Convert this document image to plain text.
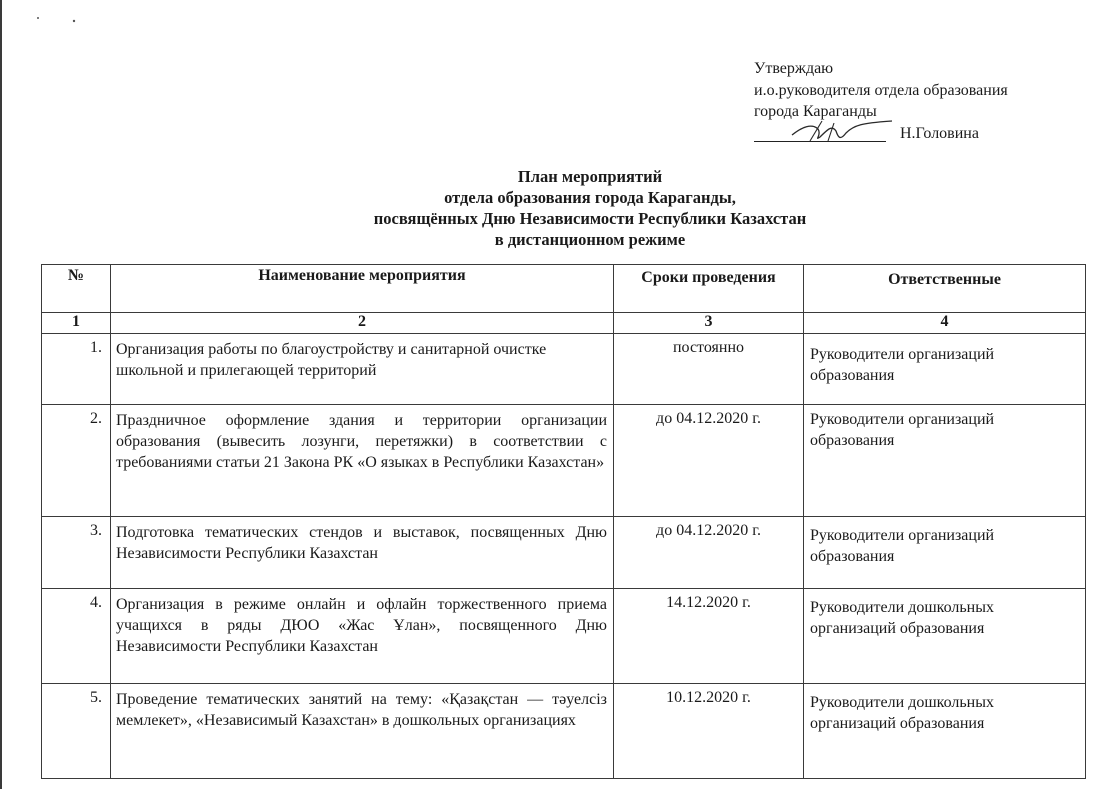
Утверждаю
и.о.руководителя отдела образования
города Караганды
Н.Головина
План мероприятий
отдела образования города Караганды,
посвящённых Дню Независимости Республики Казахстан
в дистанционном режиме
№	Наименование мероприятия	Сроки проведения	Ответственные
1	2	3	4
1.	Организация работы по благоустройству и санитарной очистке школьной и прилегающей территорий	постоянно	Руководители организаций образования
2.	Праздничное оформление здания и территории организации образования (вывесить лозунги, перетяжки) в соответствии с требованиями статьи 21 Закона РК «О языках в Республики Казахстан»	до 04.12.2020 г.	Руководители организаций образования
3.	Подготовка тематических стендов и выставок, посвященных Дню Независимости Республики Казахстан	до 04.12.2020 г.	Руководители организаций образования
4.	Организация в режиме онлайн и офлайн торжественного приема учащихся в ряды ДЮО «Жас Ұлан», посвященного Дню Независимости Республики Казахстан	14.12.2020 г.	Руководители дошкольных организаций образования
5.	Проведение тематических занятий на тему: «Қазақстан — тәуелсіз мемлекет», «Независимый Казахстан» в дошкольных организациях	10.12.2020 г.	Руководители дошкольных организаций образования
